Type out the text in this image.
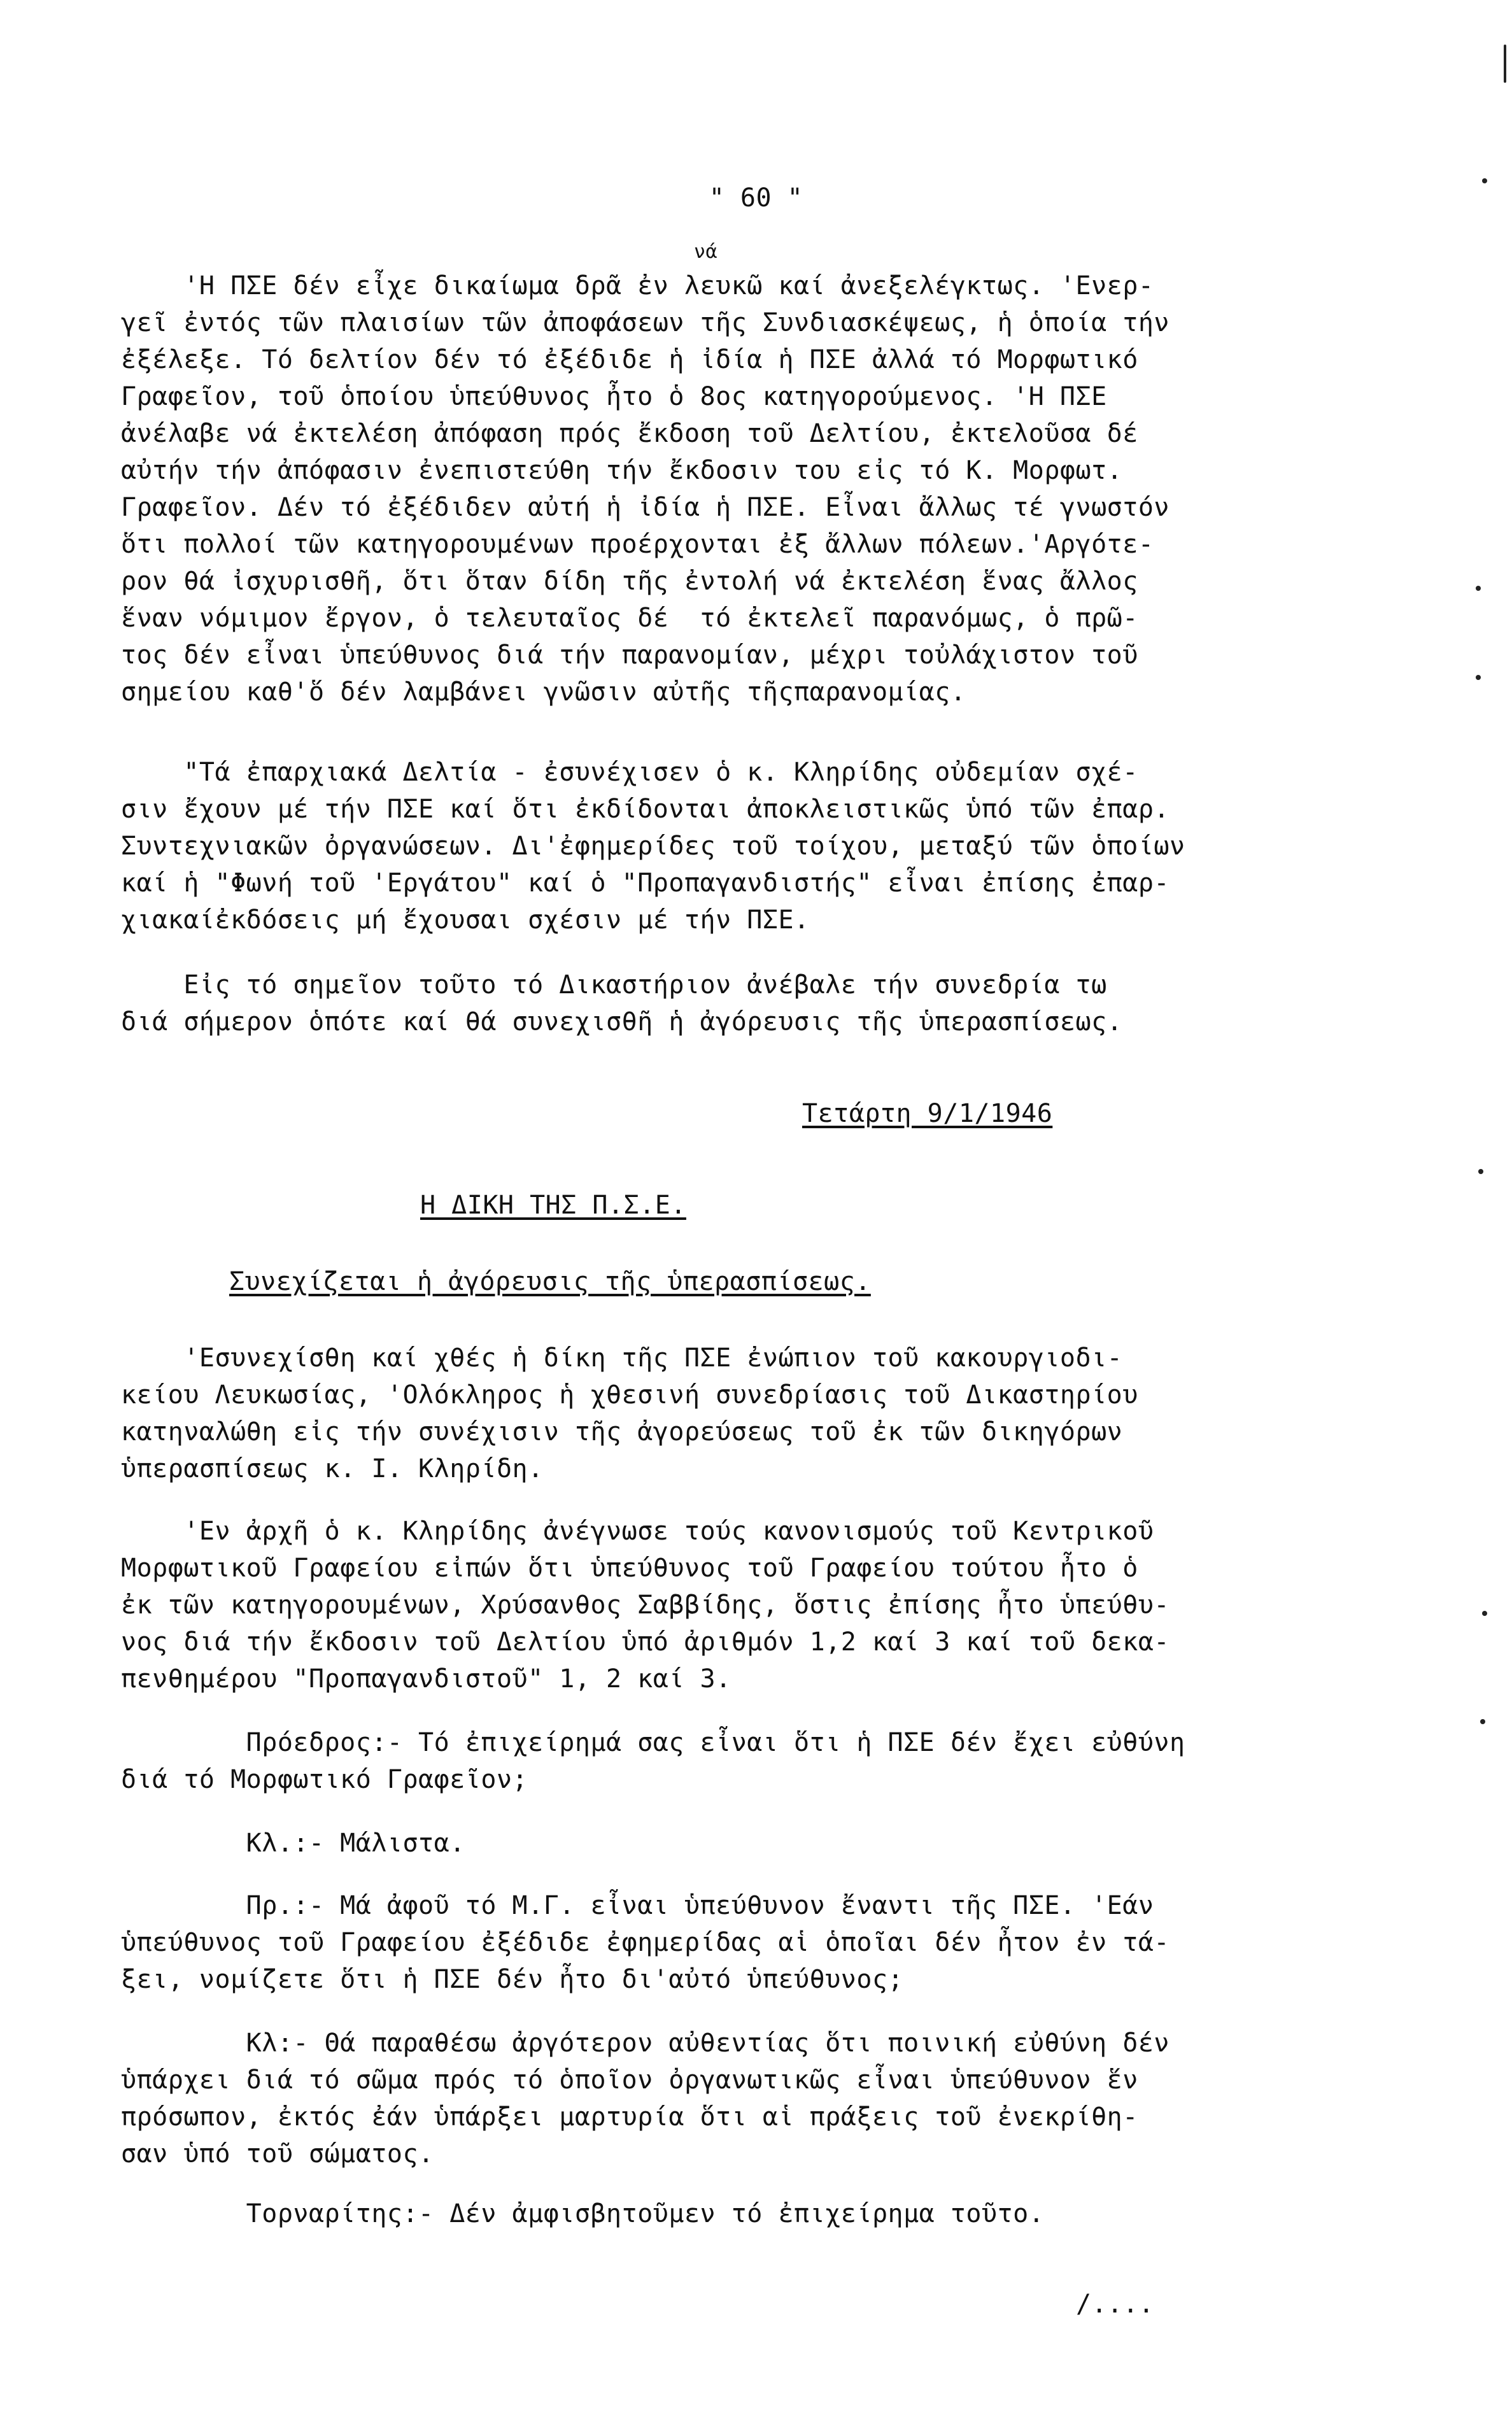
" 60 "
νά
'Η ΠΣΕ δέν εἶχε δικαίωμα δρᾶ ἐν λευκῶ καί ἀνεξελέγκτως. 'Ενερ-
γεῖ ἐντός τῶν πλαισίων τῶν ἀποφάσεων τῆς Συνδιασκέψεως, ἡ ὁποία τήν
ἐξέλεξε. Τό δελτίον δέν τό ἐξέδιδε ἡ ἰδία ἡ ΠΣΕ ἀλλά τό Μορφωτικό
Γραφεῖον, τοῦ ὁποίου ὑπεύθυνος ἦτο ὁ 8ος κατηγορούμενος. 'Η ΠΣΕ
ἀνέλαβε νά ἐκτελέση ἀπόφαση πρός ἔκδοση τοῦ Δελτίου, ἐκτελοῦσα δέ
αὐτήν τήν ἀπόφασιν ἐνεπιστεύθη τήν ἔκδοσιν του εἰς τό Κ. Μορφωτ.
Γραφεῖον. Δέν τό ἐξέδιδεν αὐτή ἡ ἰδία ἡ ΠΣΕ. Εἶναι ἄλλως τέ γνωστόν
ὅτι πολλοί τῶν κατηγορουμένων προέρχονται ἐξ ἄλλων πόλεων.'Αργότε-
ρον θά ἰσχυρισθῆ, ὅτι ὅταν δίδη τῆς ἐντολή νά ἐκτελέση ἕνας ἄλλος
ἕναν νόμιμον ἔργον, ὁ τελευταῖος δέ  τό ἐκτελεῖ παρανόμως, ὁ πρῶ-
τος δέν εἶναι ὑπεύθυνος διά τήν παρανομίαν, μέχρι τοὐλάχιστον τοῦ
σημείου καθ'ὅ δέν λαμβάνει γνῶσιν αὐτῆς τῆςπαρανομίας.
"Τά ἐπαρχιακά Δελτία - ἐσυνέχισεν ὁ κ. Κληρίδης οὐδεμίαν σχέ-
σιν ἔχουν μέ τήν ΠΣΕ καί ὅτι ἐκδίδονται ἀποκλειστικῶς ὑπό τῶν ἐπαρ.
Συντεχνιακῶν ὀργανώσεων. Δι'ἐφημερίδες τοῦ τοίχου, μεταξύ τῶν ὁποίων
καί ἡ "Φωνή τοῦ 'Εργάτου" καί ὁ "Προπαγανδιστής" εἶναι ἐπίσης ἐπαρ-
χιακαίἐκδόσεις μή ἔχουσαι σχέσιν μέ τήν ΠΣΕ.
Εἰς τό σημεῖον τοῦτο τό Δικαστήριον ἀνέβαλε τήν συνεδρία τω
διά σήμερον ὁπότε καί θά συνεχισθῆ ἡ ἀγόρευσις τῆς ὑπερασπίσεως.
Τετάρτη 9/1/1946
Η ΔΙΚΗ ΤΗΣ Π.Σ.Ε.
Συνεχίζεται ἡ ἀγόρευσις τῆς ὑπερασπίσεως.
'Εσυνεχίσθη καί χθές ἡ δίκη τῆς ΠΣΕ ἐνώπιον τοῦ κακουργιοδι-
κείου Λευκωσίας, 'Ολόκληρος ἡ χθεσινή συνεδρίασις τοῦ Δικαστηρίου
κατηναλώθη εἰς τήν συνέχισιν τῆς ἀγορεύσεως τοῦ ἐκ τῶν δικηγόρων
ὑπερασπίσεως κ. Ι. Κληρίδη.
'Εν ἀρχῆ ὁ κ. Κληρίδης ἀνέγνωσε τούς κανονισμούς τοῦ Κεντρικοῦ
Μορφωτικοῦ Γραφείου εἰπών ὅτι ὑπεύθυνος τοῦ Γραφείου τούτου ἦτο ὁ
ἐκ τῶν κατηγορουμένων, Χρύσανθος Σαββίδης, ὅστις ἐπίσης ἦτο ὑπεύθυ-
νος διά τήν ἔκδοσιν τοῦ Δελτίου ὑπό ἀριθμόν 1,2 καί 3 καί τοῦ δεκα-
πενθημέρου "Προπαγανδιστοῦ" 1, 2 καί 3.
Πρόεδρος:- Τό ἐπιχείρημά σας εἶναι ὅτι ἡ ΠΣΕ δέν ἔχει εὐθύνη
διά τό Μορφωτικό Γραφεῖον;
Κλ.:- Μάλιστα.
Πρ.:- Μά ἀφοῦ τό Μ.Γ. εἶναι ὑπεύθυνον ἔναντι τῆς ΠΣΕ. 'Εάν
ὑπεύθυνος τοῦ Γραφείου ἐξέδιδε ἐφημερίδας αἱ ὁποῖαι δέν ἦτον ἐν τά-
ξει, νομίζετε ὅτι ἡ ΠΣΕ δέν ἦτο δι'αὐτό ὑπεύθυνος;
Κλ:- Θά παραθέσω ἀργότερον αὐθεντίας ὅτι ποινική εὐθύνη δέν
ὑπάρχει διά τό σῶμα πρός τό ὁποῖον ὀργανωτικῶς εἶναι ὑπεύθυνον ἕν
πρόσωπον, ἐκτός ἐάν ὑπάρξει μαρτυρία ὅτι αἱ πράξεις τοῦ ἐνεκρίθη-
σαν ὑπό τοῦ σώματος.
Τορναρίτης:- Δέν ἀμφισβητοῦμεν τό ἐπιχείρημα τοῦτο.
/....
